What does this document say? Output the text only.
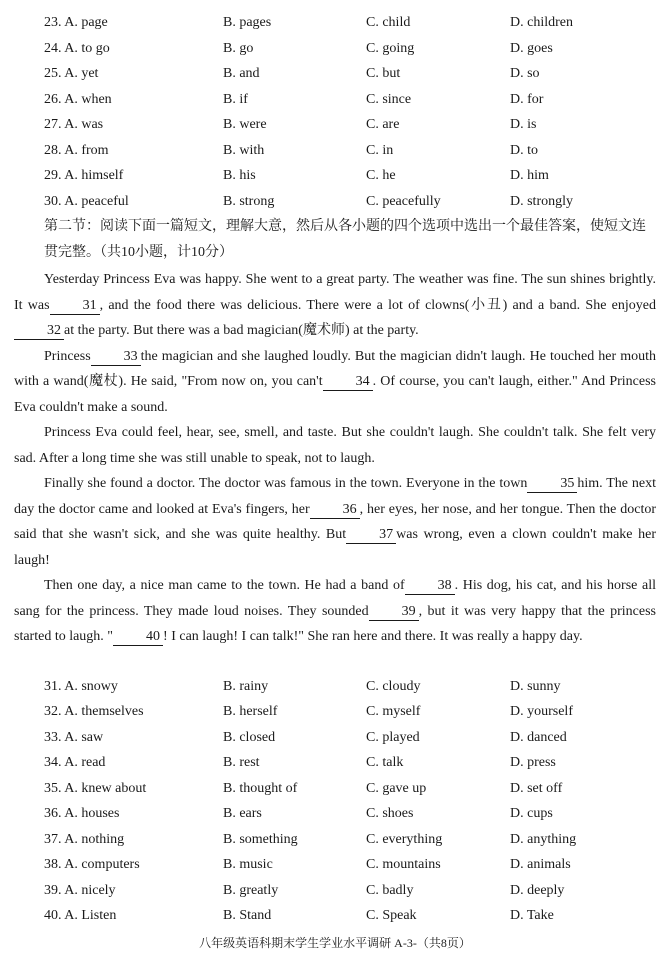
23. A. page	B. pages	C. child	D. children
24. A. to go	B. go	C. going	D. goes
25. A. yet	B. and	C. but	D. so
26. A. when	B. if	C. since	D. for
27. A. was	B. were	C. are	D. is
28. A. from	B. with	C. in	D. to
29. A. himself	B. his	C. he	D. him
30. A. peaceful	B. strong	C. peacefully	D. strongly
第二节：阅读下面一篇短文，理解大意，然后从各小题的四个选项中选出一个最佳答案，使短文连贯完整。（共10小题，计10分）

Yesterday Princess Eva was happy. She went to a great party. The weather was fine. The sun shines brightly. It was 31 , and the food there was delicious. There were a lot of clowns(小丑) and a band. She enjoyed32 at the party. But there was a bad magician(魔术师) at the party.

Princess 33 the magician and she laughed loudly. But the magician didn't laugh. He touched her mouth with a wand(魔杖). He said, "From now on, you can't 34 . Of course, you can't laugh, either." And Princess Eva couldn't make a sound.

Princess Eva could feel, hear, see, smell, and taste. But she couldn't laugh. She couldn't talk. She felt very sad. After a long time she was still unable to speak, not to laugh.

Finally she found a doctor. The doctor was famous in the town. Everyone in the town 35 him. The next day the doctor came and looked at Eva's fingers, her 36 , her eyes, her nose, and her tongue. Then the doctor said that she wasn't sick, and she was quite healthy. But 37 was wrong, even a clown couldn't make her laugh!

Then one day, a nice man came to the town. He had a band of 38 . His dog, his cat, and his horse all sang for the princess. They made loud noises. They sounded 39 , but it was very happy that the princess started to laugh. " 40 ! I can laugh! I can talk!" She ran here and there. It was really a happy day.

31. A. snowy	B. rainy	C. cloudy	D. sunny
32. A. themselves	B. herself	C. myself	D. yourself
33. A. saw	B. closed	C. played	D. danced
34. A. read	B. rest	C. talk	D. press
35. A. knew about	B. thought of	C. gave up	D. set off
36. A. houses	B. ears	C. shoes	D. cups
37. A. nothing	B. something	C. everything	D. anything
38. A. computers	B. music	C. mountains	D. animals
39. A. nicely	B. greatly	C. badly	D. deeply
40. A. Listen	B. Stand	C. Speak	D. Take
八年级英语科期末学生学业水平调研 A-3-（共8页）
